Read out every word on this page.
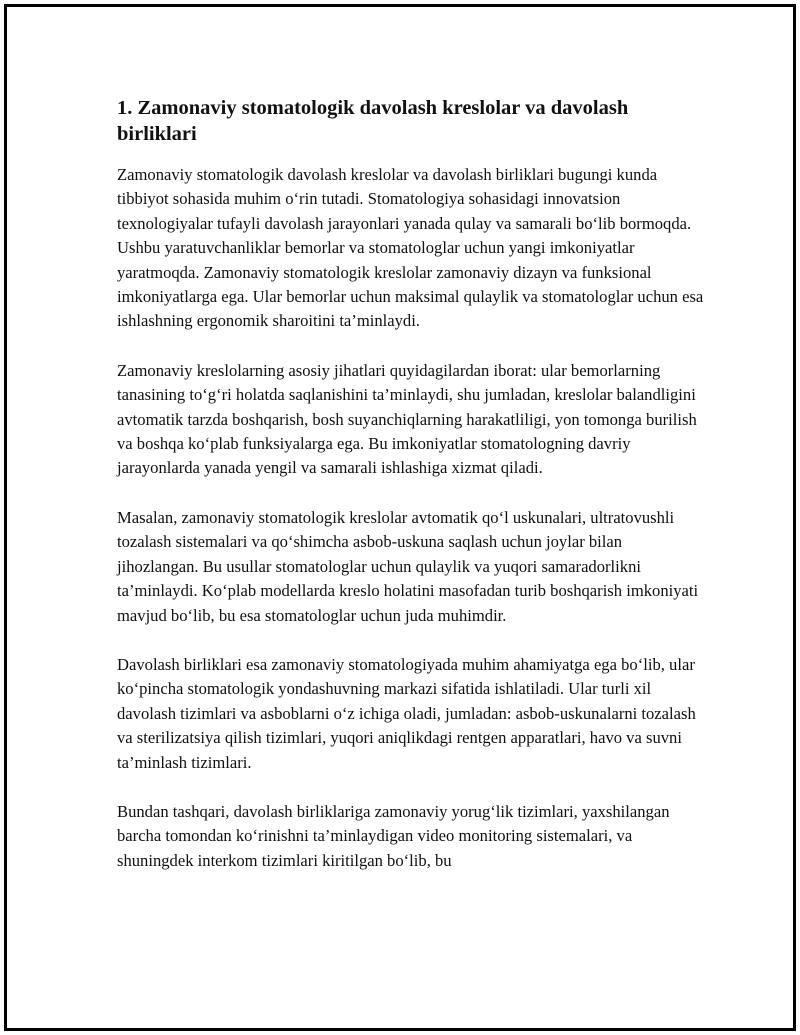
1. Zamonaviy stomatologik davolash kreslolar va davolash birliklari

Zamonaviy stomatologik davolash kreslolar va davolash birliklari bugungi kunda tibbiyot sohasida muhim o‘rin tutadi. Stomatologiya sohasidagi innovatsion texnologiyalar tufayli davolash jarayonlari yanada qulay va samarali bo‘lib bormoqda. Ushbu yaratuvchanliklar bemorlar va stomatologlar uchun yangi imkoniyatlar yaratmoqda. Zamonaviy stomatologik kreslolar zamonaviy dizayn va funksional imkoniyatlarga ega. Ular bemorlar uchun maksimal qulaylik va stomatologlar uchun esa ishlashning ergonomik sharoitini ta’minlaydi.

Zamonaviy kreslolarning asosiy jihatlari quyidagilardan iborat: ular bemorlarning tanasining to‘g‘ri holatda saqlanishini ta’minlaydi, shu jumladan, kreslolar balandligini avtomatik tarzda boshqarish, bosh suyanchiqlarning harakatliligi, yon tomonga burilish va boshqa ko‘plab funksiyalarga ega. Bu imkoniyatlar stomatologning davriy jarayonlarda yanada yengil va samarali ishlashiga xizmat qiladi.

Masalan, zamonaviy stomatologik kreslolar avtomatik qo‘l uskunalari, ultratovushli tozalash sistemalari va qo‘shimcha asbob-uskuna saqlash uchun joylar bilan jihozlangan. Bu usullar stomatologlar uchun qulaylik va yuqori samaradorlikni ta’minlaydi. Ko‘plab modellarda kreslo holatini masofadan turib boshqarish imkoniyati mavjud bo‘lib, bu esa stomatologlar uchun juda muhimdir.

Davolash birliklari esa zamonaviy stomatologiyada muhim ahamiyatga ega bo‘lib, ular ko‘pincha stomatologik yondashuvning markazi sifatida ishlatiladi. Ular turli xil davolash tizimlari va asboblarni o‘z ichiga oladi, jumladan: asbob-uskunalarni tozalash va sterilizatsiya qilish tizimlari, yuqori aniqlikdagi rentgen apparatlari, havo va suvni ta’minlash tizimlari.

Bundan tashqari, davolash birliklariga zamonaviy yorug‘lik tizimlari, yaxshilangan barcha tomondan ko‘rinishni ta’minlaydigan video monitoring sistemalari, va shuningdek interkom tizimlari kiritilgan bo‘lib, bu
